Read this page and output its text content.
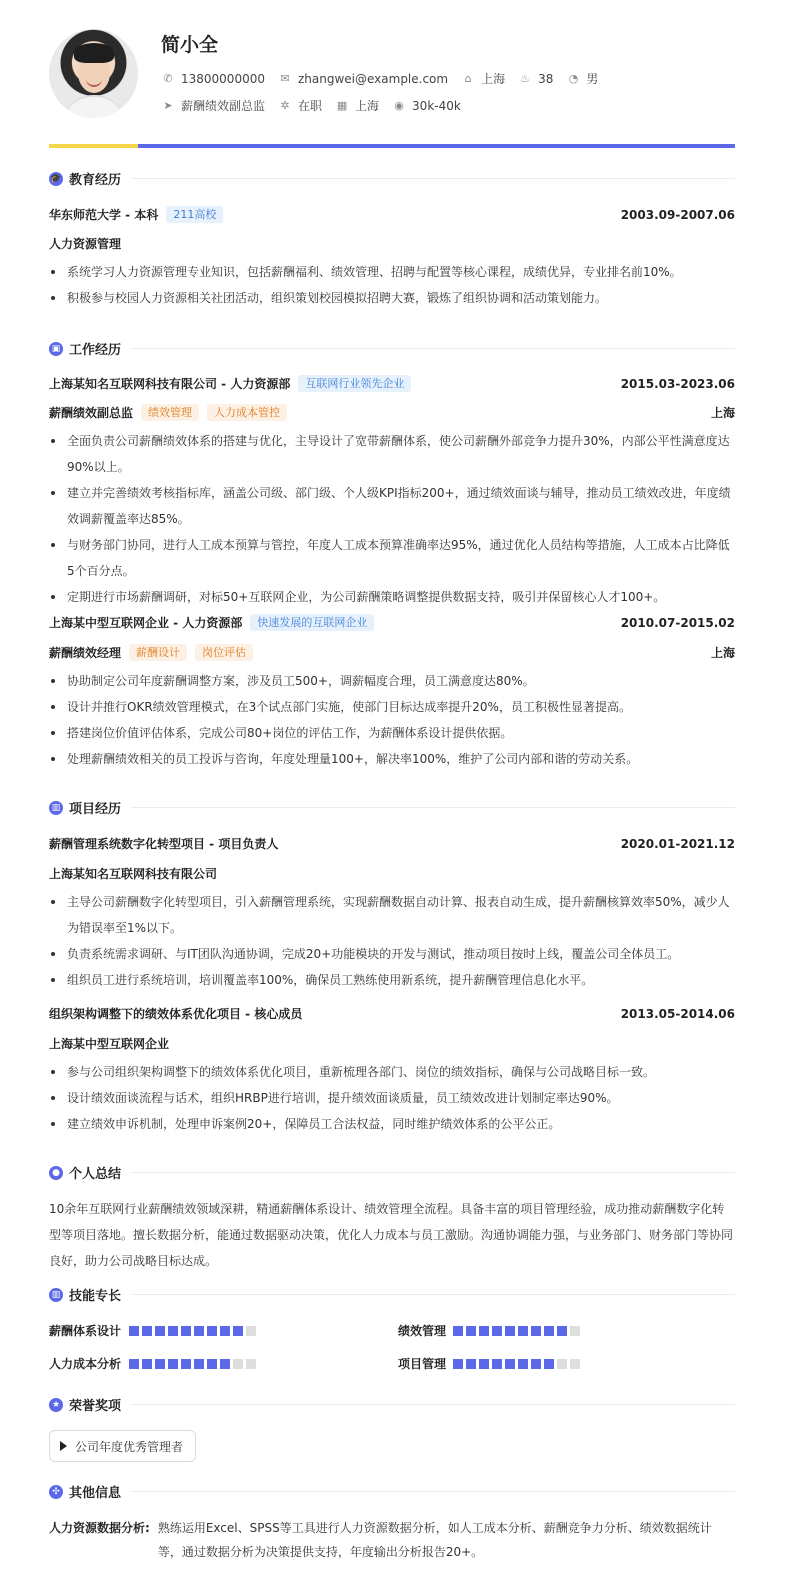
简小全
✆ 13800000000 ✉ zhangwei@example.com ⌂ 上海 ♨ 38 ◔ 男
➤ 薪酬绩效副总监 ✲ 在职 ▦ 上海 ◉ 30k-40k
🎓 教育经历
华东师范大学 - 本科	211高校	2003.09-2007.06
人力资源管理
系统学习人力资源管理专业知识，包括薪酬福利、绩效管理、招聘与配置等核心课程，成绩优异，专业排名前10%。
积极参与校园人力资源相关社团活动，组织策划校园模拟招聘大赛，锻炼了组织协调和活动策划能力。
▣ 工作经历
上海某知名互联网科技有限公司 - 人力资源部	互联网行业领先企业	2015.03-2023.06
薪酬绩效副总监	绩效管理	人力成本管控	上海
全面负责公司薪酬绩效体系的搭建与优化，主导设计了宽带薪酬体系，使公司薪酬外部竞争力提升30%，内部公平性满意度达90%以上。
建立并完善绩效考核指标库，涵盖公司级、部门级、个人级KPI指标200+，通过绩效面谈与辅导，推动员工绩效改进，年度绩效调薪覆盖率达85%。
与财务部门协同，进行人工成本预算与管控，年度人工成本预算准确率达95%，通过优化人员结构等措施，人工成本占比降低5个百分点。
定期进行市场薪酬调研，对标50+互联网企业，为公司薪酬策略调整提供数据支持，吸引并保留核心人才100+。
上海某中型互联网企业 - 人力资源部	快速发展的互联网企业	2010.07-2015.02
薪酬绩效经理	薪酬设计	岗位评估	上海
协助制定公司年度薪酬调整方案，涉及员工500+，调薪幅度合理，员工满意度达80%。
设计并推行OKR绩效管理模式，在3个试点部门实施，使部门目标达成率提升20%，员工积极性显著提高。
搭建岗位价值评估体系，完成公司80+岗位的评估工作，为薪酬体系设计提供依据。
处理薪酬绩效相关的员工投诉与咨询，年度处理量100+，解决率100%，维护了公司内部和谐的劳动关系。
▥ 项目经历
薪酬管理系统数字化转型项目 - 项目负责人	2020.01-2021.12
上海某知名互联网科技有限公司
主导公司薪酬数字化转型项目，引入薪酬管理系统，实现薪酬数据自动计算、报表自动生成，提升薪酬核算效率50%，减少人为错误率至1%以下。
负责系统需求调研、与IT团队沟通协调，完成20+功能模块的开发与测试，推动项目按时上线，覆盖公司全体员工。
组织员工进行系统培训，培训覆盖率100%，确保员工熟练使用新系统，提升薪酬管理信息化水平。
组织架构调整下的绩效体系优化项目 - 核心成员	2013.05-2014.06
上海某中型互联网企业
参与公司组织架构调整下的绩效体系优化项目，重新梳理各部门、岗位的绩效指标，确保与公司战略目标一致。
设计绩效面谈流程与话术，组织HRBP进行培训，提升绩效面谈质量，员工绩效改进计划制定率达90%。
建立绩效申诉机制，处理申诉案例20+，保障员工合法权益，同时维护绩效体系的公平公正。
● 个人总结
10余年互联网行业薪酬绩效领域深耕，精通薪酬体系设计、绩效管理全流程。具备丰富的项目管理经验，成功推动薪酬数字化转型等项目落地。擅长数据分析，能通过数据驱动决策，优化人力成本与员工激励。沟通协调能力强，与业务部门、财务部门等协同良好，助力公司战略目标达成。
▥ 技能专长
薪酬体系设计	绩效管理
人力成本分析	项目管理
★ 荣誉奖项
公司年度优秀管理者
✣ 其他信息
人力资源数据分析: 熟练运用Excel、SPSS等工具进行人力资源数据分析，如人工成本分析、薪酬竞争力分析、绩效数据统计等，通过数据分析为决策提供支持，年度输出分析报告20+。
